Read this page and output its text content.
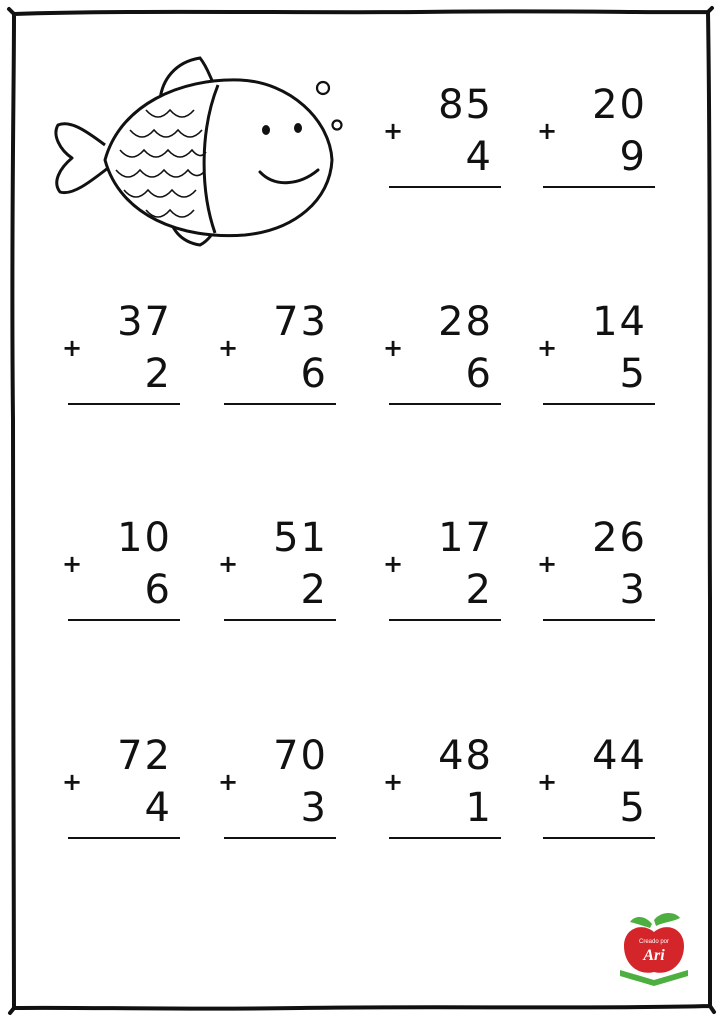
+
85
4
+
20
9
+
37
2
+
73
6
+
28
6
+
14
5
+
10
6
+
51
2
+
17
2
+
26
3
+
72
4
+
70
3
+
48
1
+
44
5
Creado por
Ari
